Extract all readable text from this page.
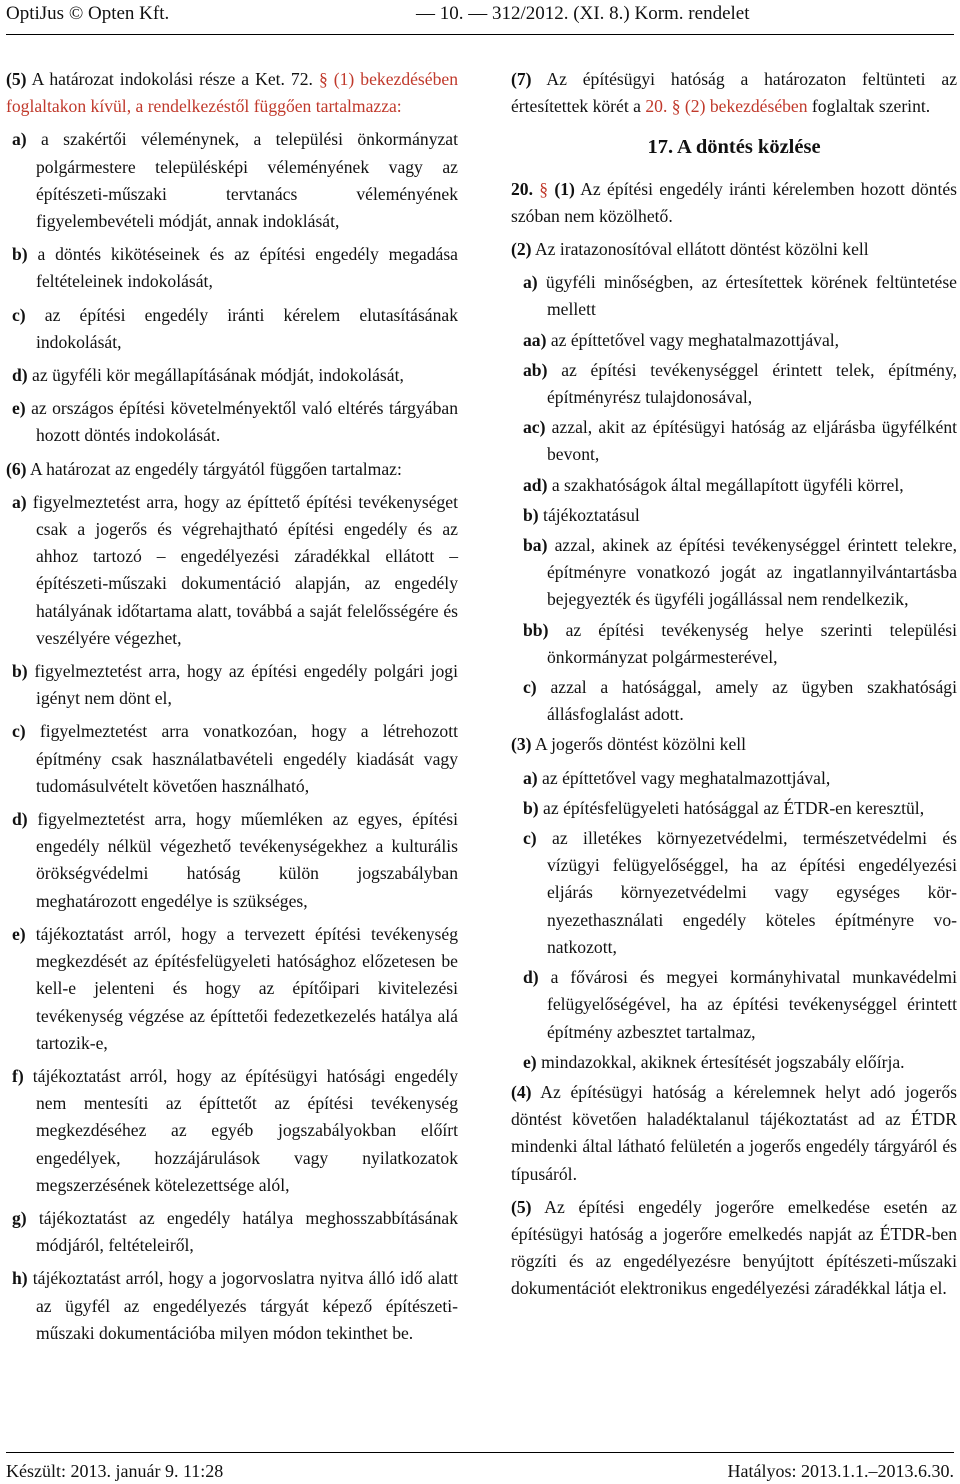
OptiJus © Opten Kft.	— 10. — 312/2012. (XI. 8.) Korm. rendelet

(5) A határozat indokolási része a Ket. 72. § (1) bekezdésében foglaltakon kívül, a rendelkezéstől függően tartalmazza:

a) a szakértői véleménynek, a települési önkormányzat polgármestere településképi véleményének vagy az építészeti-műszaki tervtanács véleményének figyelembevételi módját, annak indoklását,

b) a döntés kikötéseinek és az építési engedély megadása feltételeinek indokolását,

c) az építési engedély iránti kérelem elutasításának indokolását,

d) az ügyféli kör megállapításának módját, indokolását,

e) az országos építési követelményektől való eltérés tárgyában hozott döntés indokolását.

(6) A határozat az engedély tárgyától függően tartalmaz:

a) figyelmeztetést arra, hogy az építtető építési tevékenységet csak a jogerős és végrehajtható építési engedély és az ahhoz tartozó – engedélyezési záradékkal ellátott – építészeti-műszaki dokumentáció alapján, az engedély hatályának időtartama alatt, továbbá a saját felelősségére és veszélyére végezhet,

b) figyelmeztetést arra, hogy az építési engedély polgári jogi igényt nem dönt el,

c) figyelmeztetést arra vonatkozóan, hogy a létrehozott építmény csak használatbavételi engedély kiadását vagy tudomásulvételt követően használható,

d) figyelmeztetést arra, hogy műemléken az egyes, építési engedély nélkül végezhető tevékenységekhez a kulturális örökségvédelmi hatóság külön jogszabályban meghatározott engedélye is szükséges,

e) tájékoztatást arról, hogy a tervezett építési tevékenység megkezdését az építésfelügyeleti hatósághoz előzetesen be kell-e jelenteni és hogy az építőipari kivitelezési tevékenység végzése az építtetői fedezetkezelés hatálya alá tartozik-e,

f) tájékoztatást arról, hogy az építésügyi hatósági engedély nem mentesíti az építtetőt az építési tevékenység megkezdéséhez az egyéb jogszabályokban előírt engedélyek, hozzájárulások vagy nyilatkozatok megszerzésének kötelezettsége alól,

g) tájékoztatást az engedély hatálya meghosszabbításának módjáról, feltételeiről,

h) tájékoztatást arról, hogy a jogorvoslatra nyitva álló idő alatt az ügyfél az engedélyezés tárgyát képező építészeti-műszaki dokumentációba milyen módon tekinthet be.

(7) Az építésügyi hatóság a határozaton feltünteti az értesítettek körét a 20. § (2) bekezdésében foglaltak szerint.

17. A döntés közlése

20. § (1) Az építési engedély iránti kérelemben hozott döntés szóban nem közölhető.

(2) Az iratazonosítóval ellátott döntést közölni kell

a) ügyféli minőségben, az értesítettek körének feltüntetése mellett

aa) az építtetővel vagy meghatalmazottjával,

ab) az építési tevékenységgel érintett telek, építmény, építményrész tulajdonosával,

ac) azzal, akit az építésügyi hatóság az eljárásba ügyfélként bevont,

ad) a szakhatóságok által megállapított ügyféli körrel,

b) tájékoztatásul

ba) azzal, akinek az építési tevékenységgel érintett telekre, építményre vonatkozó jogát az ingatlannyilvántartásba bejegyezték és ügyféli jogállással nem rendelkezik,

bb) az építési tevékenység helye szerinti települési önkormányzat polgármesterével,

c) azzal a hatósággal, amely az ügyben szakhatósági állásfoglalást adott.

(3) A jogerős döntést közölni kell

a) az építtetővel vagy meghatalmazottjával,

b) az építésfelügyeleti hatósággal az ÉTDR-en keresztül,

c) az illetékes környezetvédelmi, természetvédelmi és vízügyi felügyelőséggel, ha az építési engedélyezési eljárás környezetvédelmi vagy egységes környezethasználati engedély köteles építményre vonatkozott,

d) a fővárosi és megyei kormányhivatal munkavédelmi felügyelőségével, ha az építési tevékenységgel érintett építmény azbesztet tartalmaz,

e) mindazokkal, akiknek értesítését jogszabály előírja.

(4) Az építésügyi hatóság a kérelemnek helyt adó jogerős döntést követően haladéktalanul tájékoztatást ad az ÉTDR mindenki által látható felületén a jogerős engedély tárgyáról és típusáról.

(5) Az építési engedély jogerőre emelkedése esetén az építésügyi hatóság a jogerőre emelkedés napját az ÉTDR-ben rögzíti és az engedélyezésre benyújtott építészeti-műszaki dokumentációt elektronikus engedélyezési záradékkal látja el.

Készült: 2013. január 9. 11:28	Hatályos: 2013.1.1.–2013.6.30.
